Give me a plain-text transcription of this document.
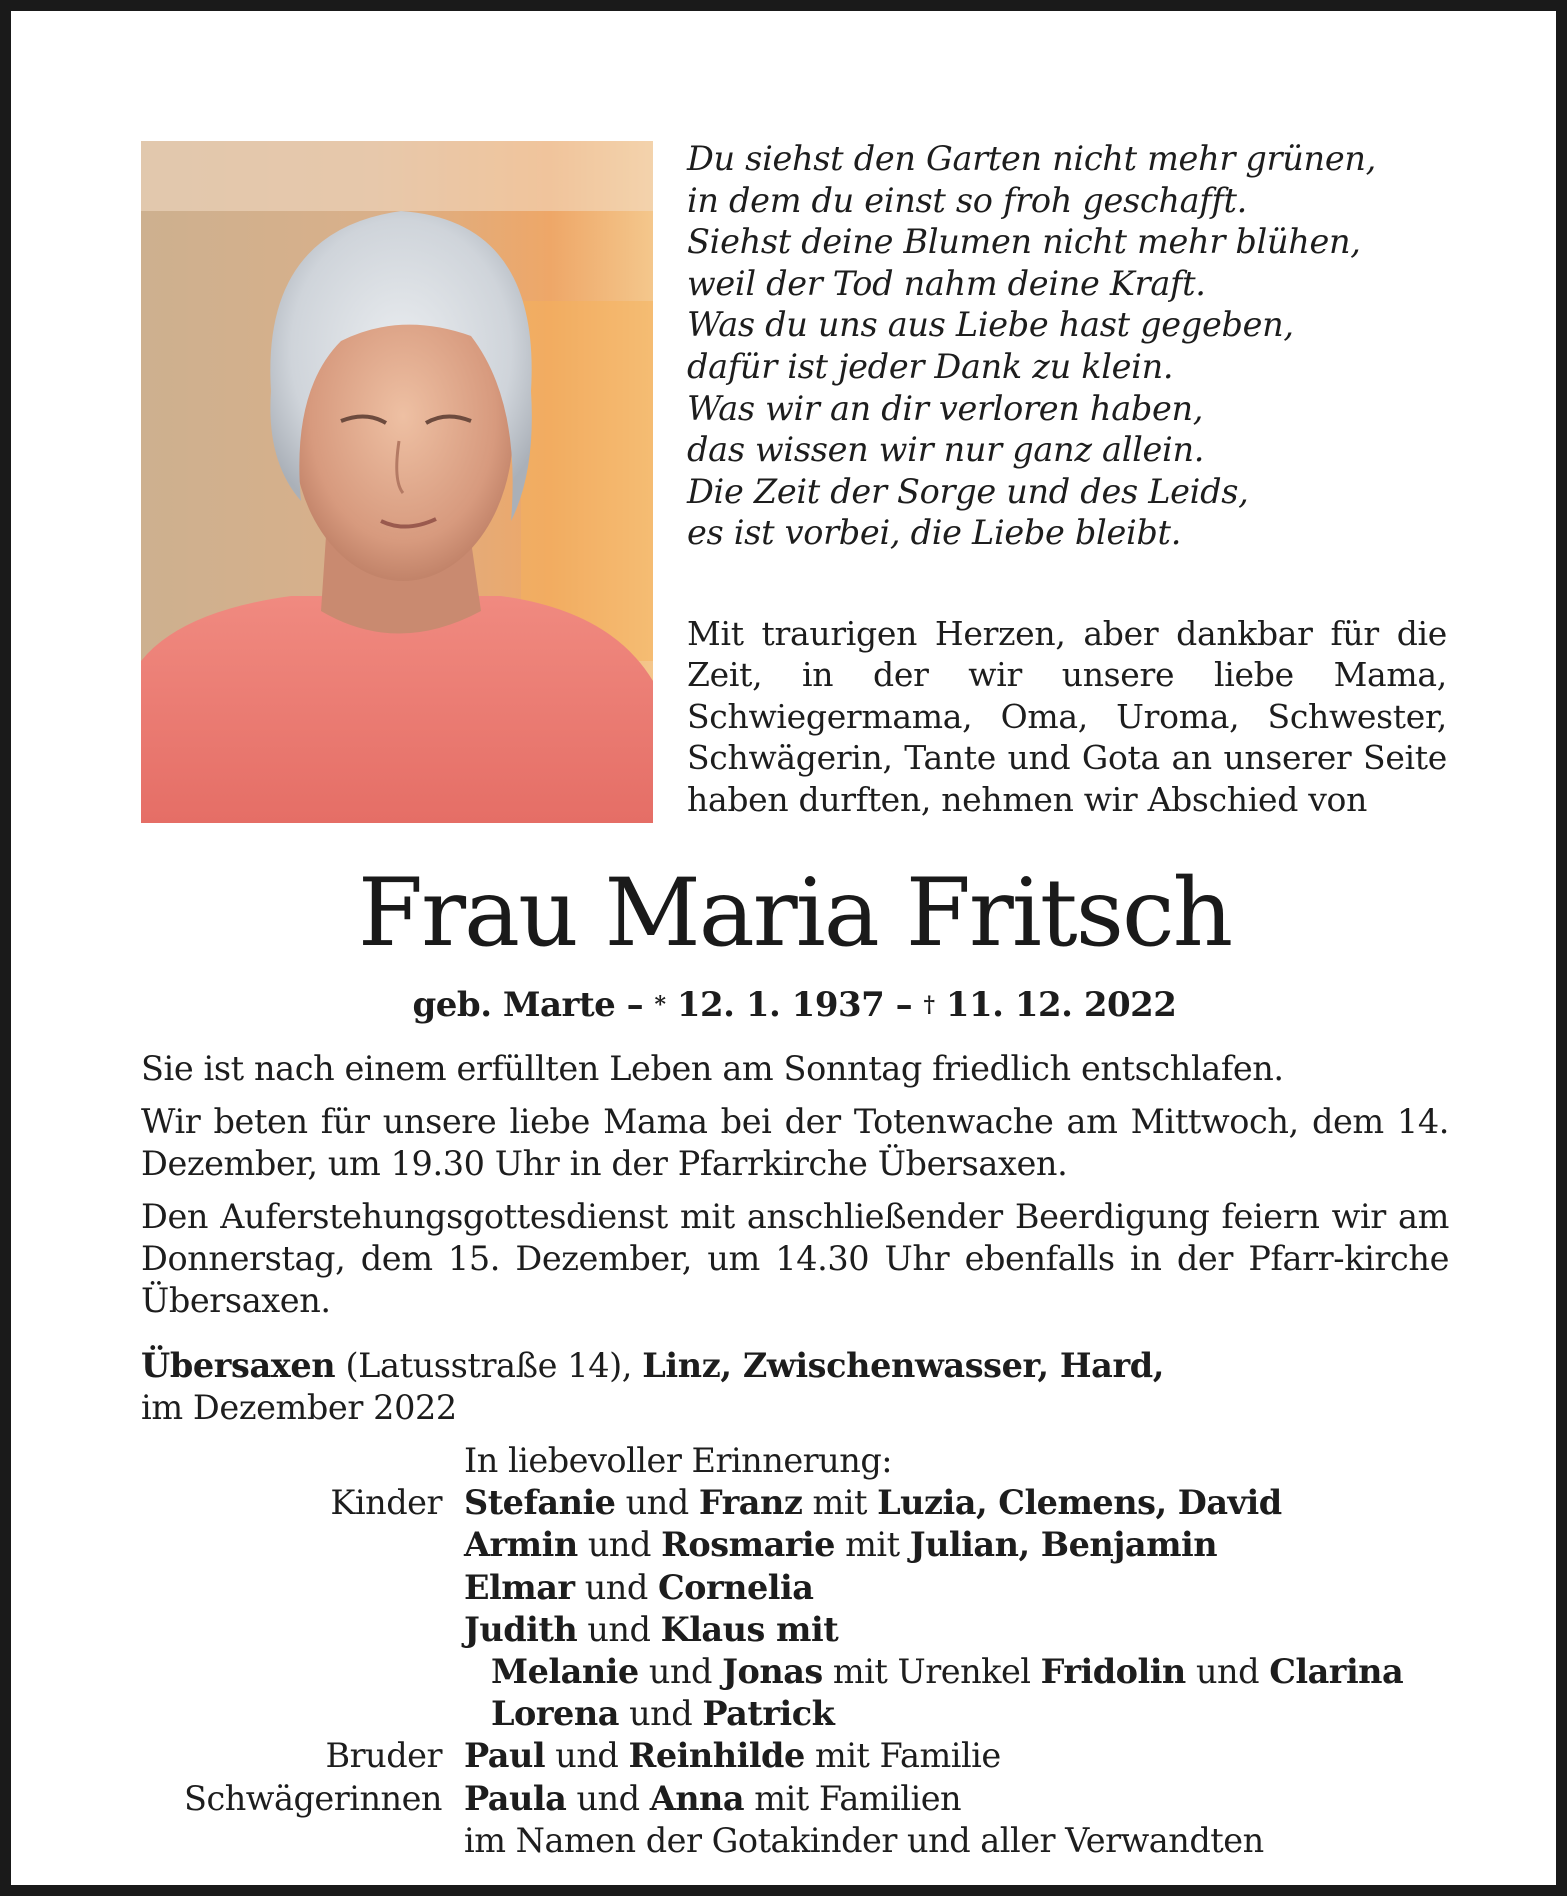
Du siehst den Garten nicht mehr grünen,
in dem du einst so froh geschafft.
Siehst deine Blumen nicht mehr blühen,
weil der Tod nahm deine Kraft.
Was du uns aus Liebe hast gegeben,
dafür ist jeder Dank zu klein.
Was wir an dir verloren haben,
das wissen wir nur ganz allein.
Die Zeit der Sorge und des Leids,
es ist vorbei, die Liebe bleibt.
Mit traurigen Herzen, aber dankbar für die Zeit, in der wir unsere liebe Mama, Schwiegermama, Oma, Uroma, Schwester, Schwägerin, Tante und Gota an unserer Seite haben durften, nehmen wir Abschied von
Frau Maria Fritsch
geb. Marte – * 12. 1. 1937 – † 11. 12. 2022
Sie ist nach einem erfüllten Leben am Sonntag friedlich entschlafen.
Wir beten für unsere liebe Mama bei der Totenwache am Mittwoch, dem 14. Dezember, um 19.30 Uhr in der Pfarrkirche Übersaxen.
Den Auferstehungsgottesdienst mit anschließender Beerdigung feiern wir am Donnerstag, dem 15. Dezember, um 14.30 Uhr ebenfalls in der Pfarr-kirche Übersaxen.
Übersaxen (Latusstraße 14), Linz, Zwischenwasser, Hard,
im Dezember 2022
In liebevoller Erinnerung:
Kinder Stefanie und Franz mit Luzia, Clemens, David
Armin und Rosmarie mit Julian, Benjamin
Elmar und Cornelia
Judith und Klaus mit
Melanie und Jonas mit Urenkel Fridolin und Clarina
Lorena und Patrick
Bruder Paul und Reinhilde mit Familie
Schwägerinnen Paula und Anna mit Familien
im Namen der Gotakinder und aller Verwandten
